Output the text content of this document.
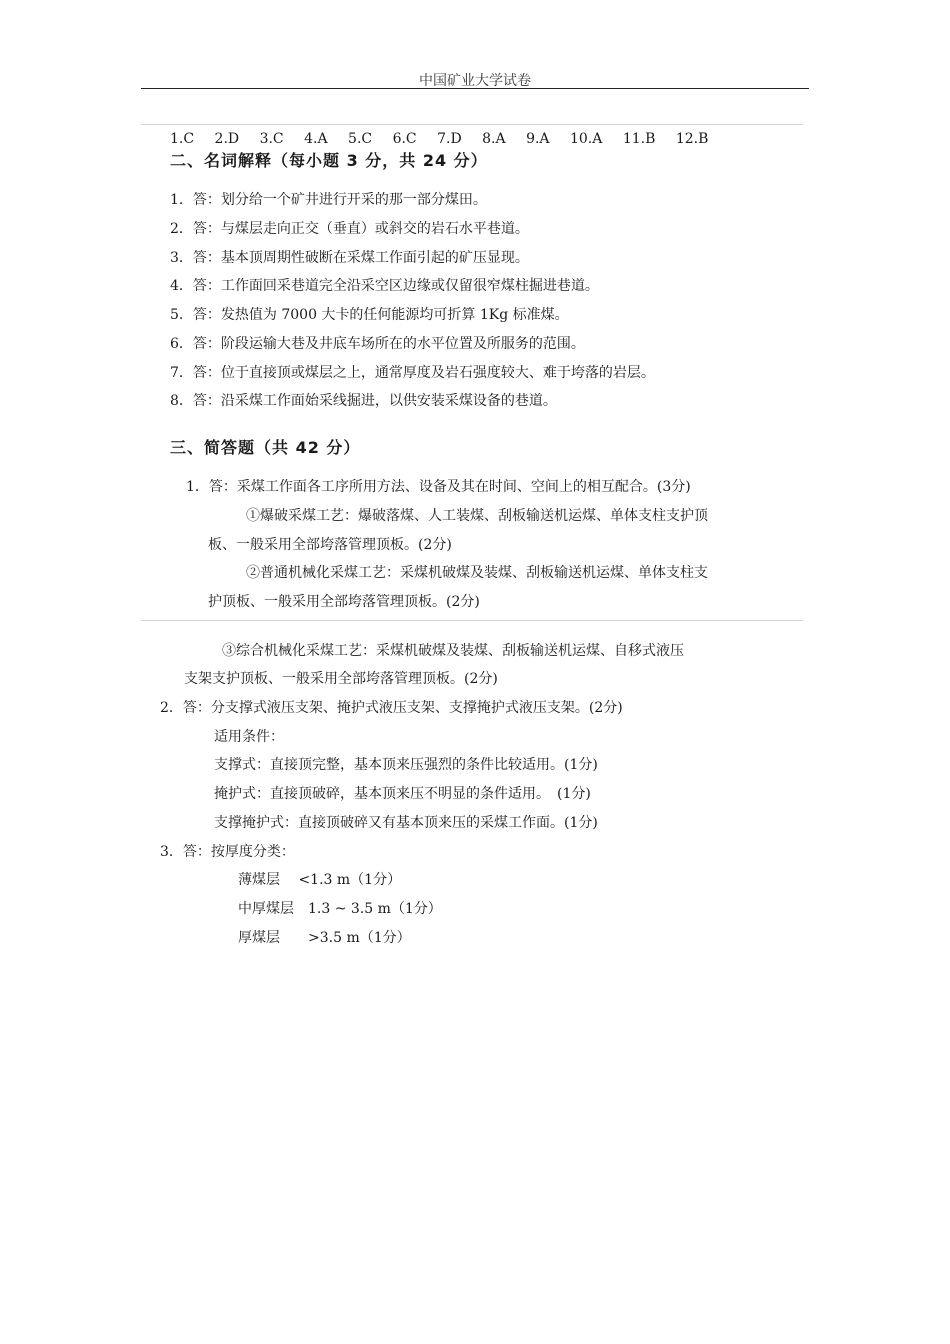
中国矿业大学试卷
1.C 2.D 3.C 4.A 5.C 6.C 7.D 8.A 9.A 10.A 11.B 12.B
二、名词解释（每小题 3 分，共 24 分）
1．答：划分给一个矿井进行开采的那一部分煤田。
2．答：与煤层走向正交（垂直）或斜交的岩石水平巷道。
3．答：基本顶周期性破断在采煤工作面引起的矿压显现。
4．答：工作面回采巷道完全沿采空区边缘或仅留很窄煤柱掘进巷道。
5．答：发热值为 7000 大卡的任何能源均可折算 1Kg 标准煤。
6．答：阶段运输大巷及井底车场所在的水平位置及所服务的范围。
7．答：位于直接顶或煤层之上，通常厚度及岩石强度较大、难于垮落的岩层。
8．答：沿采煤工作面始采线掘进，以供安装采煤设备的巷道。
三、简答题（共 42 分）
1．答：采煤工作面各工序所用方法、设备及其在时间、空间上的相互配合。(3分)
①爆破采煤工艺：爆破落煤、人工装煤、刮板输送机运煤、单体支柱支护顶
板、一般采用全部垮落管理顶板。(2分)
②普通机械化采煤工艺：采煤机破煤及装煤、刮板输送机运煤、单体支柱支
护顶板、一般采用全部垮落管理顶板。(2分)
③综合机械化采煤工艺：采煤机破煤及装煤、刮板输送机运煤、自移式液压
支架支护顶板、一般采用全部垮落管理顶板。(2分)
2．答：分支撑式液压支架、掩护式液压支架、支撑掩护式液压支架。(2分)
适用条件：
支撑式：直接顶完整，基本顶来压强烈的条件比较适用。(1分)
掩护式：直接顶破碎，基本顶来压不明显的条件适用。　(1分)
支撑掩护式：直接顶破碎又有基本顶来压的采煤工作面。(1分)
3．答：按厚度分类：
薄煤层　 <1.3 m（1分）
中厚煤层　1.3 ~ 3.5 m（1分）
厚煤层　　>3.5 m（1分）
